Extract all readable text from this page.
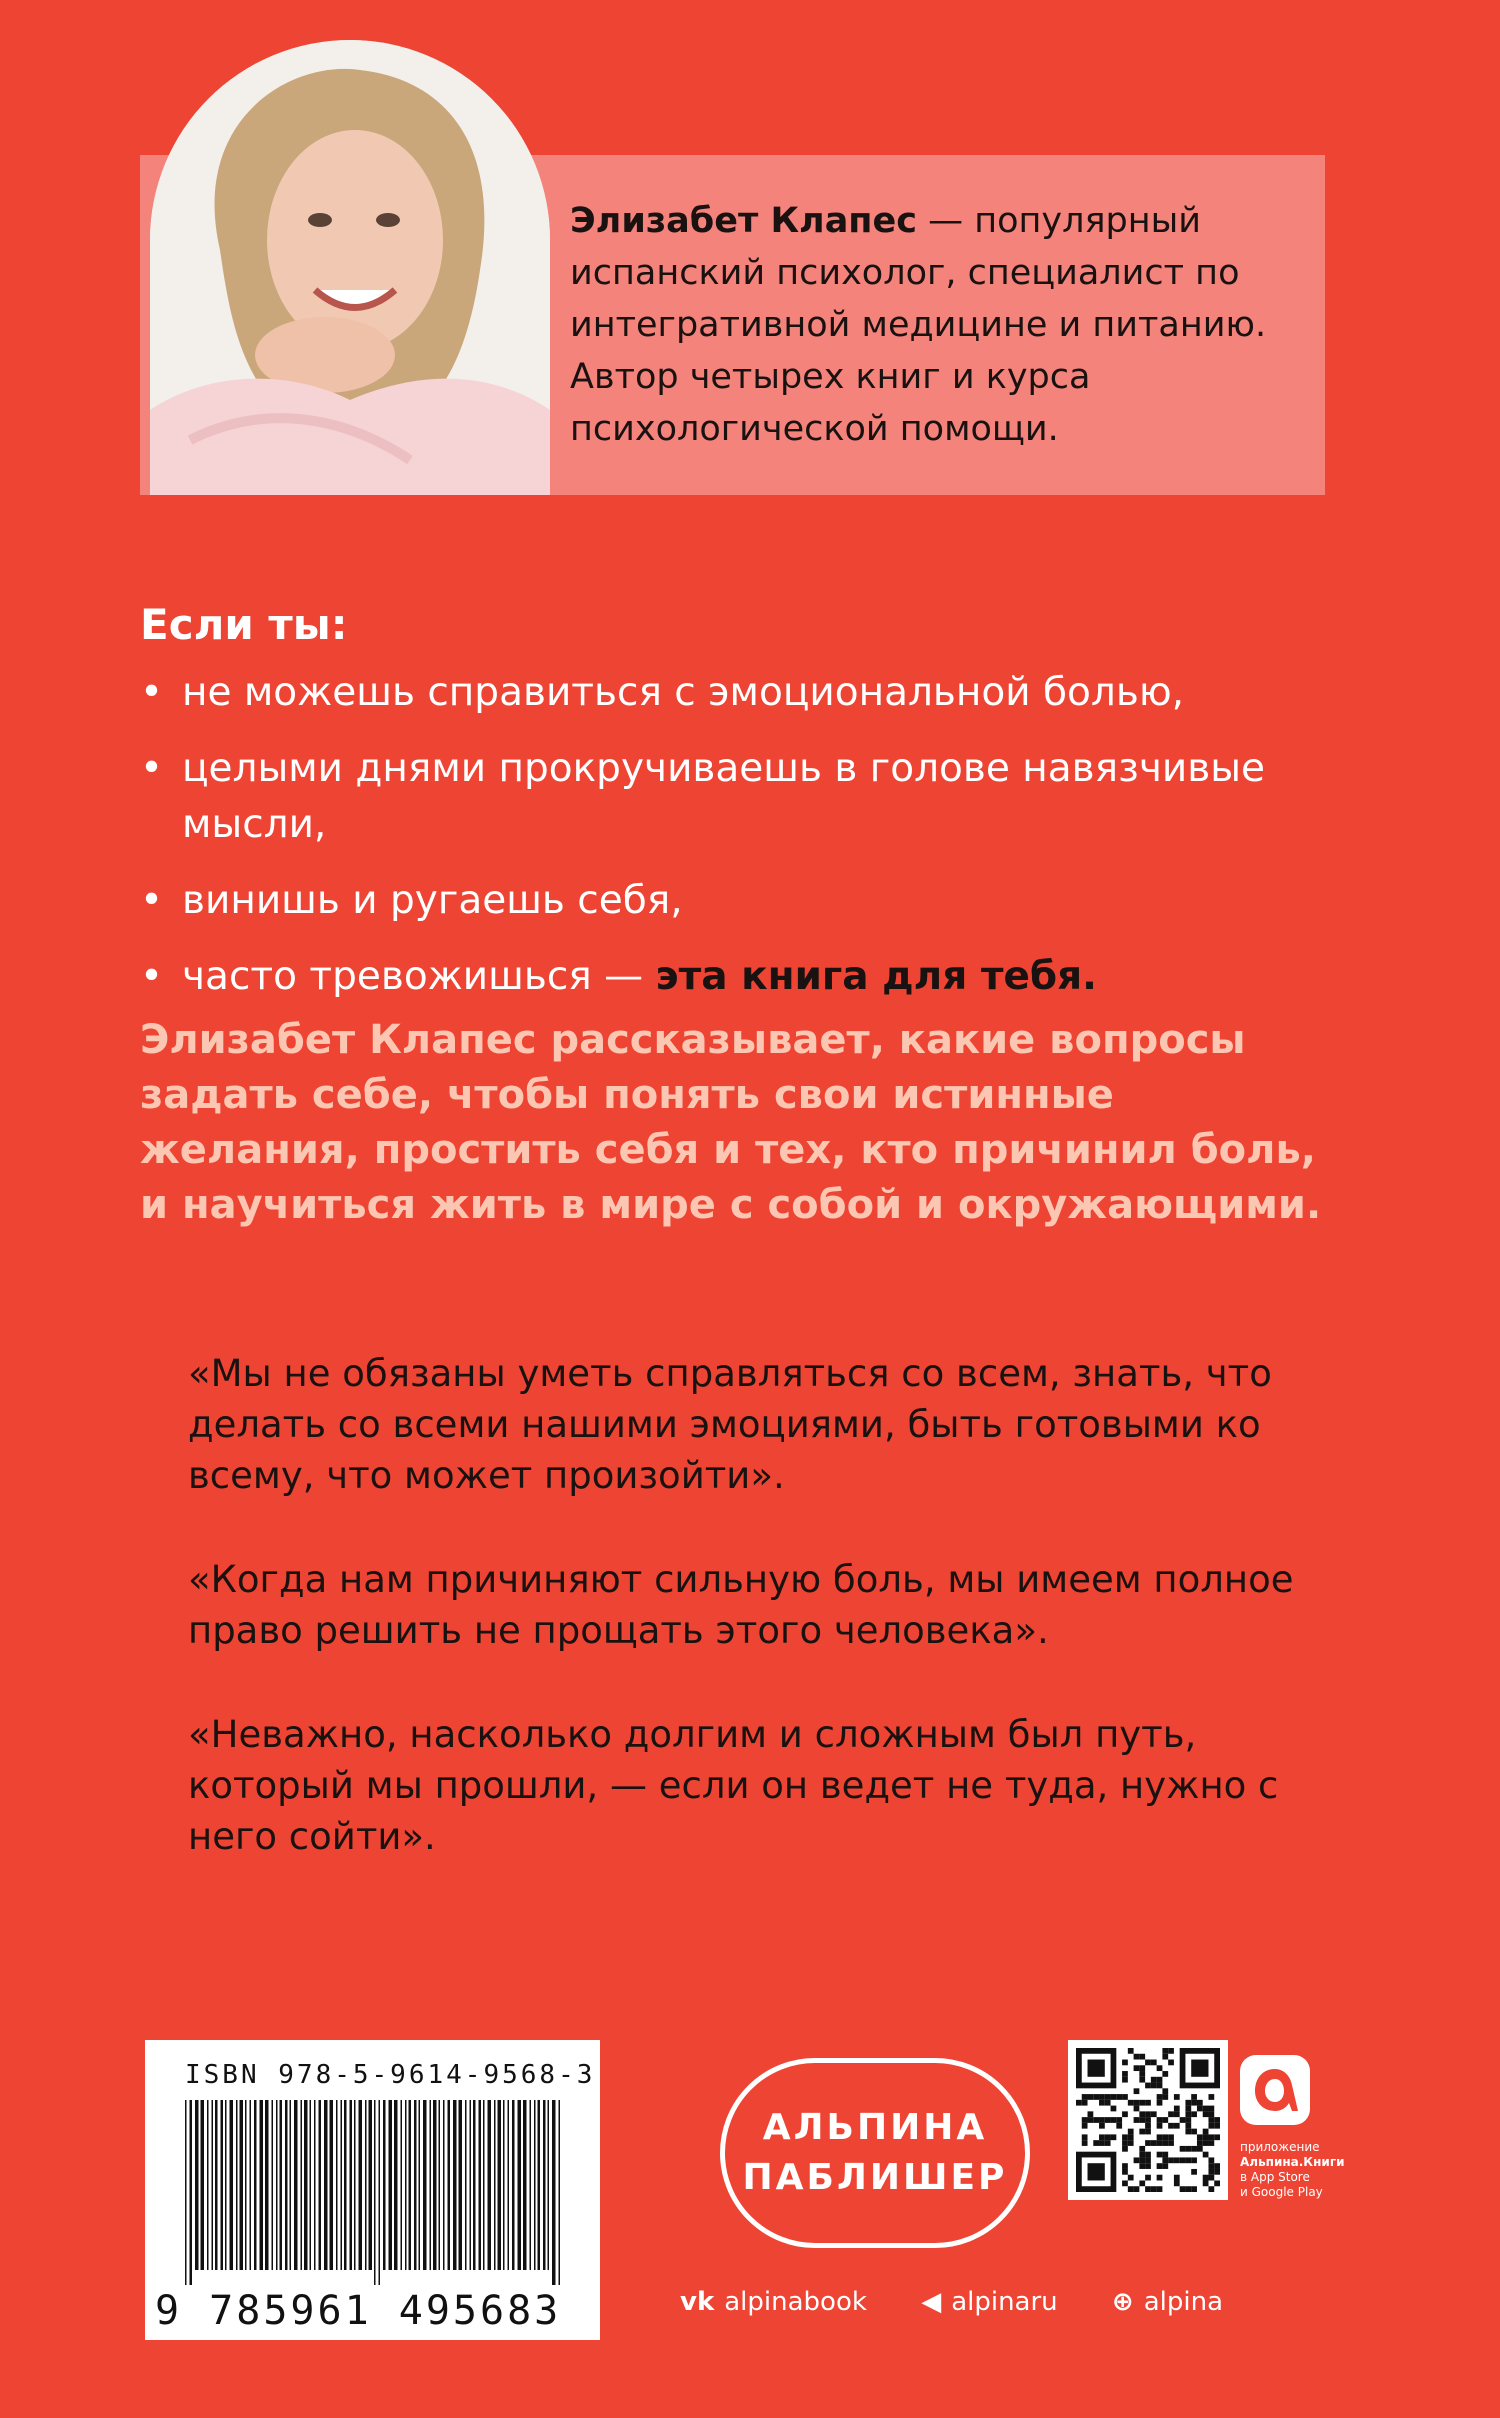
Элизабет Клапес — популярный испанский психолог, специалист по интегративной медицине и питанию. Автор четырех книг и курса психологической помощи.
Если ты:
• не можешь справиться с эмоциональной болью,
• целыми днями прокручиваешь в голове навязчивые мысли,
• винишь и ругаешь себя,
• часто тревожишься — эта книга для тебя.
Элизабет Клапес рассказывает, какие вопросы задать себе, чтобы понять свои истинные желания, простить себя и тех, кто причинил боль, и научиться жить в мире с собой и окружающими.

«Мы не обязаны уметь справляться со всем, знать, что делать со всеми нашими эмоциями, быть готовыми ко всему, что может произойти».

«Когда нам причиняют сильную боль, мы имеем полное право решить не прощать этого человека».

«Неважно, насколько долгим и сложным был путь, который мы прошли, — если он ведет не туда, нужно с него сойти».

ISBN 978-5-9614-9568-3
9 785961 495683
АЛЬПИНА
ПАБЛИШЕР
приложение
Альпина.Книги
в App Store
и Google Play
vk alpinabook ◀ alpinaru ⊕ alpina
